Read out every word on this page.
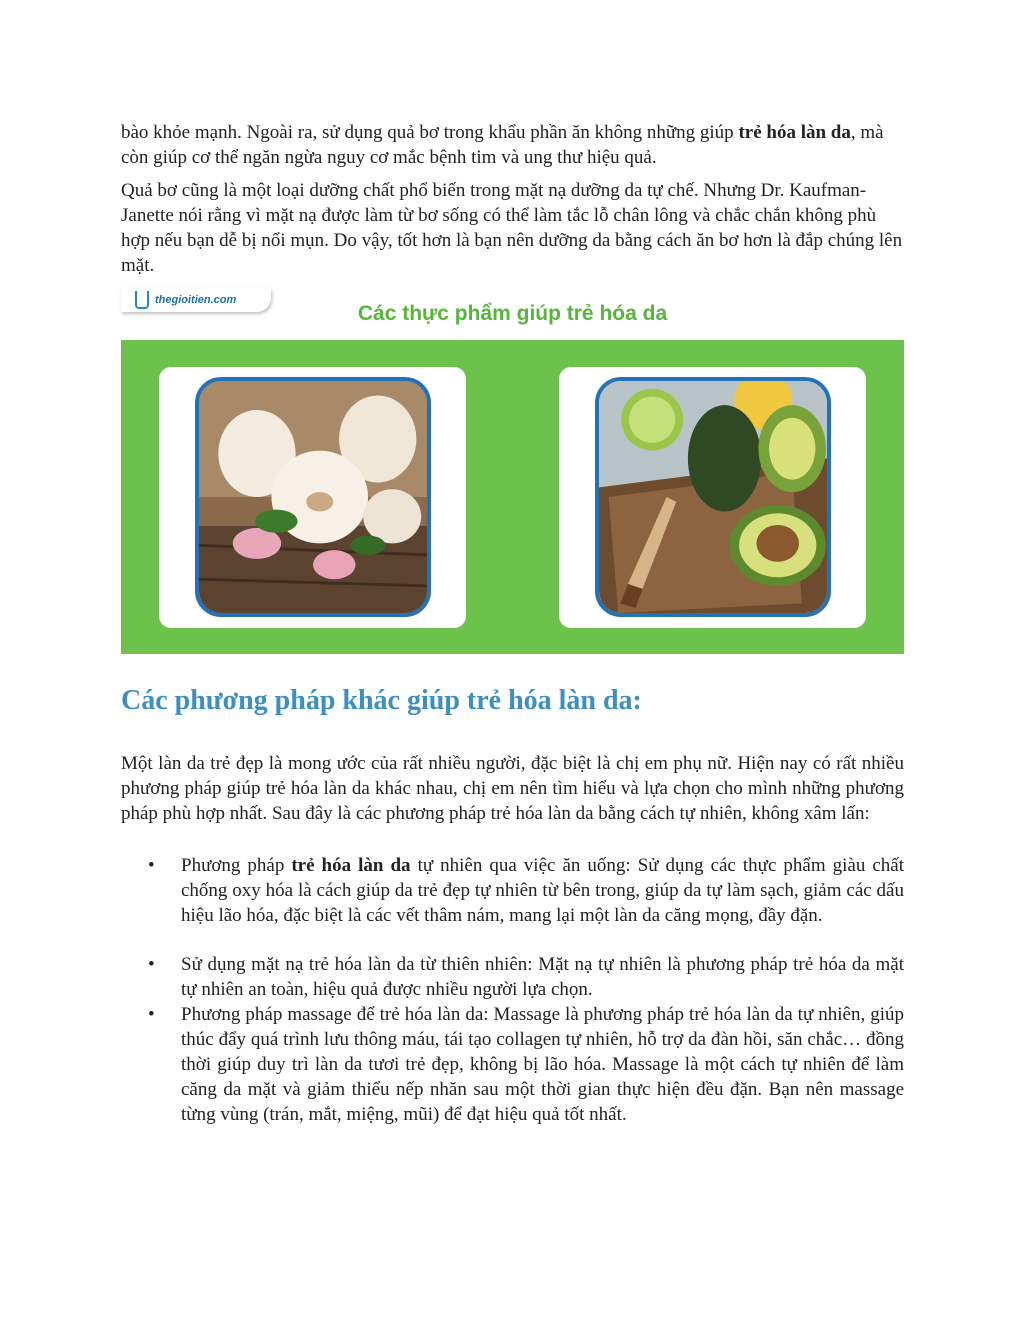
bào khỏe mạnh. Ngoài ra, sử dụng quả bơ trong khẩu phần ăn không những giúp trẻ hóa làn da, mà còn giúp cơ thể ngăn ngừa nguy cơ mắc bệnh tim và ung thư hiệu quả.

Quả bơ cũng là một loại dưỡng chất phổ biến trong mặt nạ dưỡng da tự chế. Nhưng Dr. Kaufman-Janette nói rằng vì mặt nạ được làm từ bơ sống có thể làm tắc lỗ chân lông và chắc chắn không phù hợp nếu bạn dễ bị nổi mụn. Do vậy, tốt hơn là bạn nên dưỡng da bằng cách ăn bơ hơn là đắp chúng lên mặt.

thegioitien.com
Các thực phẩm giúp trẻ hóa da
Các phương pháp khác giúp trẻ hóa làn da:

Một làn da trẻ đẹp là mong ước của rất nhiều người, đặc biệt là chị em phụ nữ. Hiện nay có rất nhiều phương pháp giúp trẻ hóa làn da khác nhau, chị em nên tìm hiểu và lựa chọn cho mình những phương pháp phù hợp nhất. Sau đây là các phương pháp trẻ hóa làn da bằng cách tự nhiên, không xâm lấn:

• Phương pháp trẻ hóa làn da tự nhiên qua việc ăn uống: Sử dụng các thực phẩm giàu chất chống oxy hóa là cách giúp da trẻ đẹp tự nhiên từ bên trong, giúp da tự làm sạch, giảm các dấu hiệu lão hóa, đặc biệt là các vết thâm nám, mang lại một làn da căng mọng, đầy đặn.
• Sử dụng mặt nạ trẻ hóa làn da từ thiên nhiên: Mặt nạ tự nhiên là phương pháp trẻ hóa da mặt tự nhiên an toàn, hiệu quả được nhiều người lựa chọn.
• Phương pháp massage để trẻ hóa làn da: Massage là phương pháp trẻ hóa làn da tự nhiên, giúp thúc đẩy quá trình lưu thông máu, tái tạo collagen tự nhiên, hỗ trợ da đàn hồi, săn chắc… đồng thời giúp duy trì làn da tươi trẻ đẹp, không bị lão hóa. Massage là một cách tự nhiên để làm căng da mặt và giảm thiểu nếp nhăn sau một thời gian thực hiện đều đặn. Bạn nên massage từng vùng (trán, mắt, miệng, mũi) để đạt hiệu quả tốt nhất.
